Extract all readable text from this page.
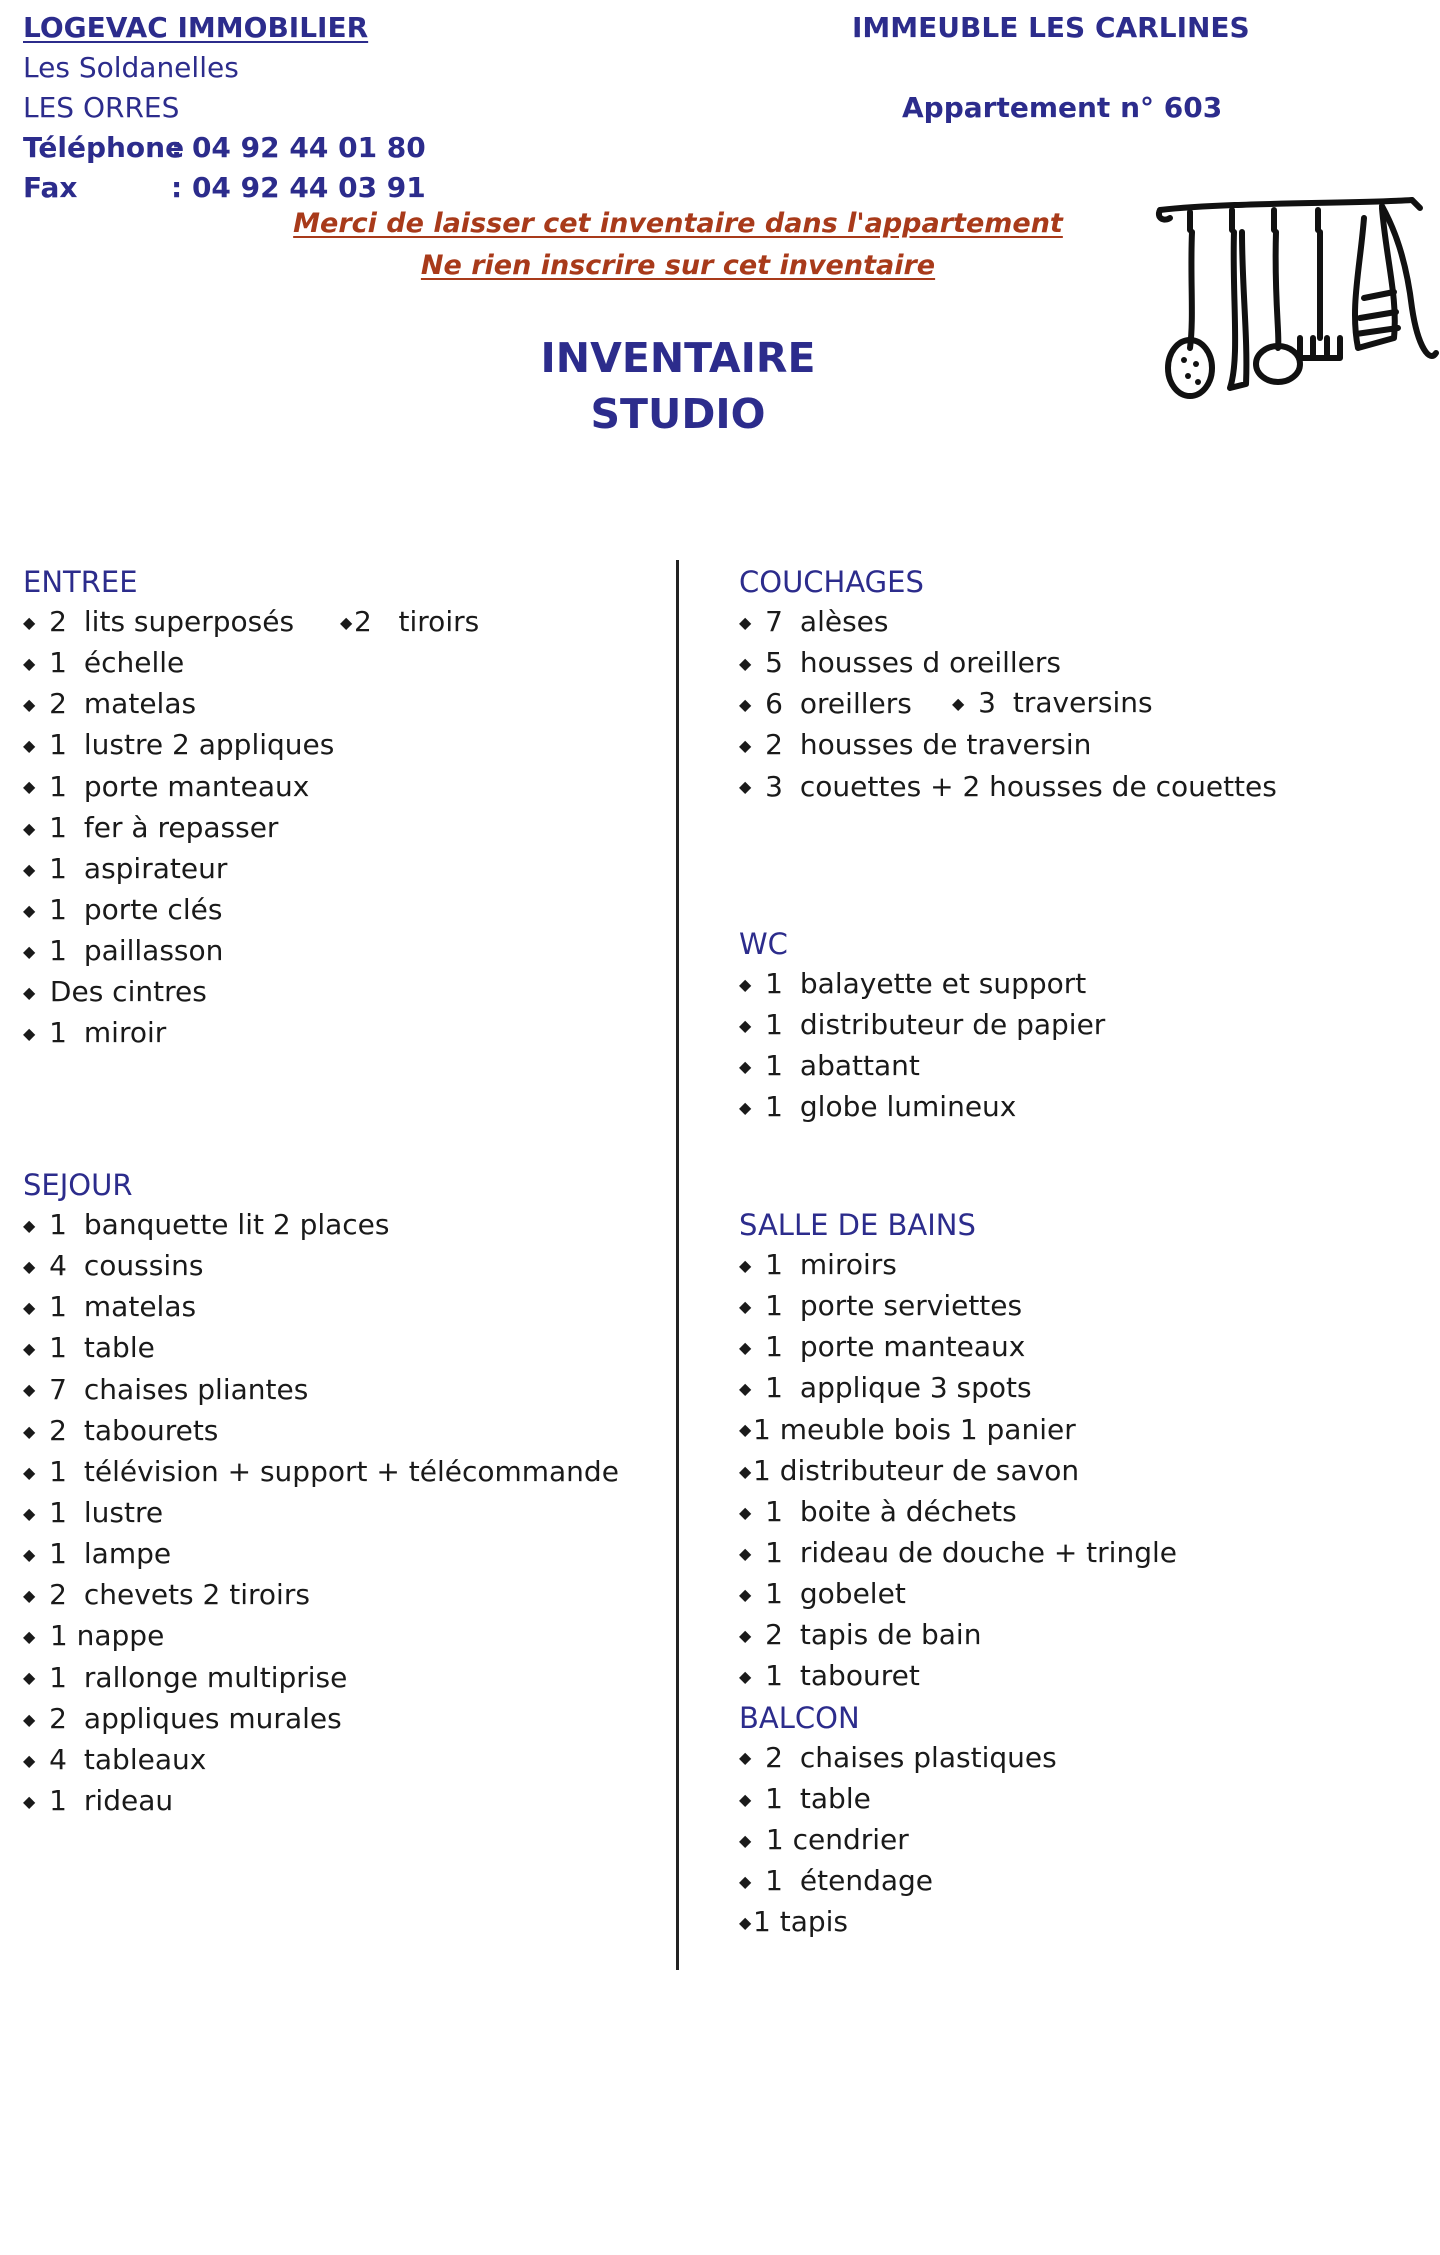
LOGEVAC IMMOBILIER
Les Soldanelles
LES ORRES
Téléphone
: 04 92 44 01 80
Fax	: 04 92 44 03 91
IMMEUBLE LES CARLINES
Appartement n° 603
Merci de laisser cet inventaire dans l'appartement
Ne rien inscrire sur cet inventaire
INVENTAIRE
STUDIO
ENTREE
◆ 2 lits superposés
◆ 1 échelle
◆ 2 matelas
◆ 1 lustre 2 appliques
◆ 1 porte manteaux
◆ 1 fer à repasser
◆ 1 aspirateur
◆ 1 porte clés
◆ 1 paillasson
◆ Des cintres
◆ 1 miroir
◆2 tiroirs
COUCHAGES
◆ 7 alèses
◆ 5 housses d oreillers
◆ 6 oreillers
◆ 2 housses de traversin
◆ 3 couettes + 2 housses de couettes
◆ 3 traversins
WC
◆ 1 balayette et support
◆ 1 distributeur de papier
◆ 1 abattant
◆ 1 globe lumineux
SEJOUR
◆ 1 banquette lit 2 places
◆ 4 coussins
◆ 1 matelas
◆ 1 table
◆ 7 chaises pliantes
◆ 2 tabourets
◆ 1 télévision + support + télécommande
◆ 1 lustre
◆ 1 lampe
◆ 2 chevets 2 tiroirs
◆ 1 nappe
◆ 1 rallonge multiprise
◆ 2 appliques murales
◆ 4 tableaux
◆ 1 rideau
SALLE DE BAINS
◆ 1 miroirs
◆ 1 porte serviettes
◆ 1 porte manteaux
◆ 1 applique 3 spots
◆1 meuble bois 1 panier
◆1 distributeur de savon
◆ 1 boite à déchets
◆ 1 rideau de douche + tringle
◆ 1 gobelet
◆ 2 tapis de bain
◆ 1 tabouret
BALCON
◆ 2 chaises plastiques
◆ 1 table
◆ 1 cendrier
◆ 1 étendage
◆1 tapis
